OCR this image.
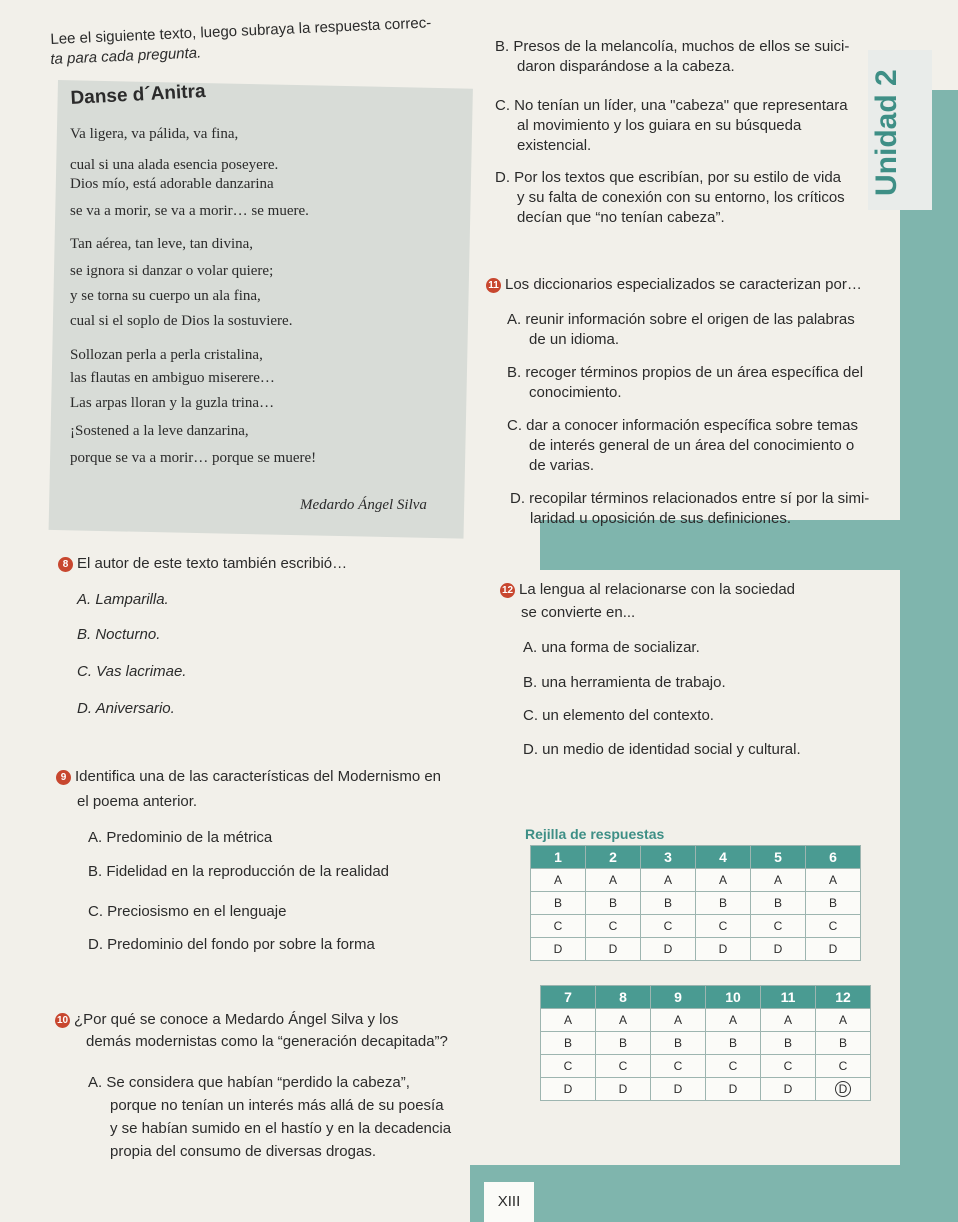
Lee el siguiente texto, luego subraya la respuesta correc-
ta para cada pregunta.
Danse d´Anitra
Va ligera, va pálida, va fina,
cual si una alada esencia poseyere.
Dios mío, está adorable danzarina
se va a morir, se va a morir… se muere.
Tan aérea, tan leve, tan divina,
se ignora si danzar o volar quiere;
y se torna su cuerpo un ala fina,
cual si el soplo de Dios la sostuviere.
Sollozan perla a perla cristalina,
las flautas en ambiguo miserere…
Las arpas lloran y la guzla trina…
¡Sostened a la leve danzarina,
porque se va a morir… porque se muere!
Medardo Ángel Silva
Unidad 2
B. Presos de la melancolía, muchos de ellos se suici-
daron disparándose a la cabeza.
C. No tenían un líder, una "cabeza" que representara
al movimiento y los guiara en su búsqueda
existencial.
D. Por los textos que escribían, por su estilo de vida
y su falta de conexión con su entorno, los críticos
decían que “no tenían cabeza”.
11 Los diccionarios especializados se caracterizan por…
A. reunir información sobre el origen de las palabras
de un idioma.
B. recoger términos propios de un área específica del
conocimiento.
C. dar a conocer información específica sobre temas
de interés general de un área del conocimiento o
de varias.
D. recopilar términos relacionados entre sí por la simi-
laridad u oposición de sus definiciones.
8 El autor de este texto también escribió…
A. Lamparilla.
B. Nocturno.
C. Vas lacrimae.
D. Aniversario.
12 La lengua al relacionarse con la sociedad
se convierte en...
A. una forma de socializar.
B. una herramienta de trabajo.
C. un elemento del contexto.
D. un medio de identidad social y cultural.
9 Identifica una de las características del Modernismo en
el poema anterior.
A. Predominio de la métrica
B. Fidelidad en la reproducción de la realidad
C. Preciosismo en el lenguaje
D. Predominio del fondo por sobre la forma
Rejilla de respuestas
1	2	3	4	5	6
A	A	A	A	A	A
B	B	B	B	B	B
C	C	C	C	C	C
D	D	D	D	D	D
7	8	9	10	11	12
A	A	A	A	A	A
B	B	B	B	B	B
C	C	C	C	C	C
D	D	D	D	D	D
10 ¿Por qué se conoce a Medardo Ángel Silva y los
demás modernistas como la “generación decapitada”?
A. Se considera que habían “perdido la cabeza”,
porque no tenían un interés más allá de su poesía
y se habían sumido en el hastío y en la decadencia
propia del consumo de diversas drogas.
XIII
